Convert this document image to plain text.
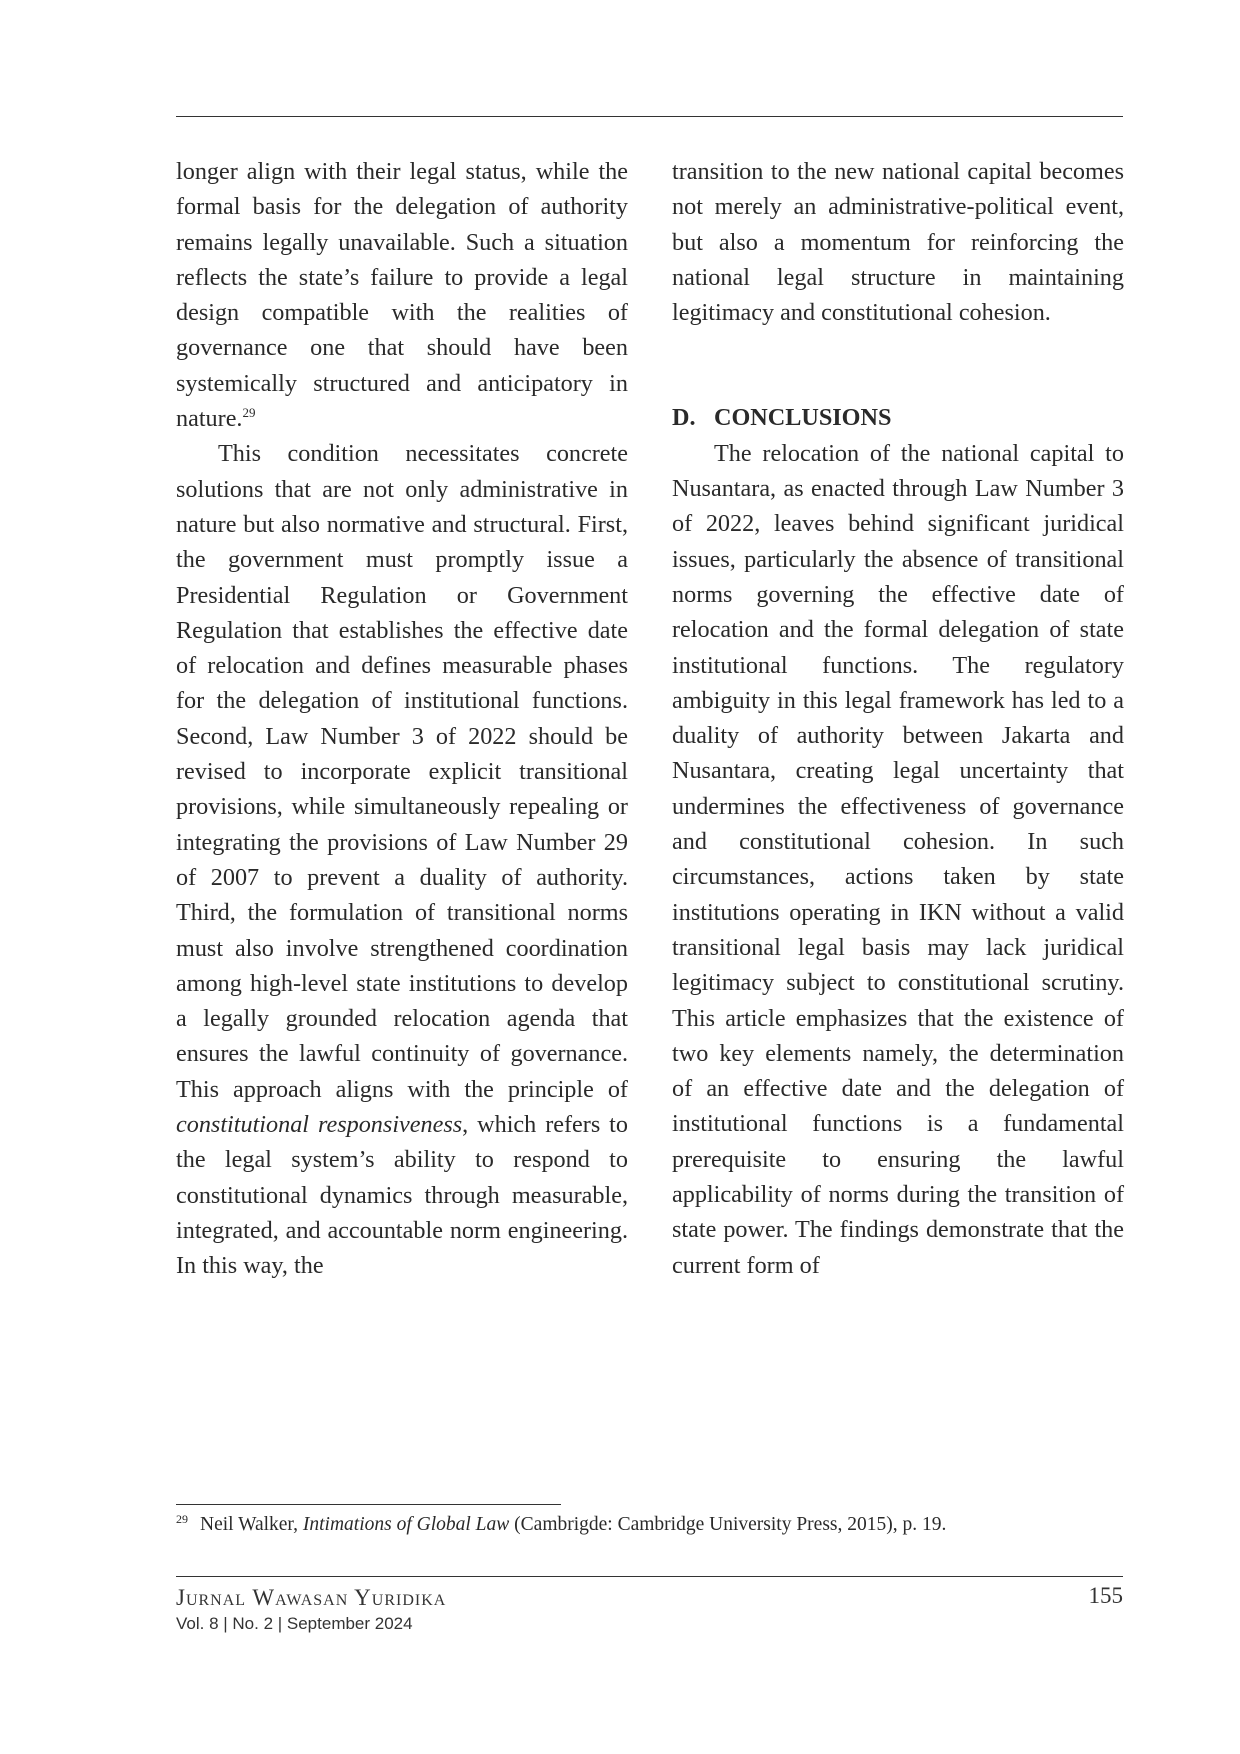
longer align with their legal status, while the formal basis for the delegation of authority remains legally unavailable. Such a situation reflects the state’s failure to provide a legal design compatible with the realities of governance one that should have been systemically structured and anticipatory in nature.$^{29}$

This condition necessitates concrete solutions that are not only administrative in nature but also normative and structural. First, the government must promptly issue a Presidential Regulation or Government Regulation that establishes the effective date of relocation and defines measurable phases for the delegation of institutional functions. Second, Law Number 3 of 2022 should be revised to incorporate explicit transitional provisions, while simultaneously repealing or integrating the provisions of Law Number 29 of 2007 to prevent a duality of authority. Third, the formulation of transitional norms must also involve strengthened coordination among high-level state institutions to develop a legally grounded relocation agenda that ensures the lawful continuity of governance. This approach aligns with the principle of constitutional responsiveness, which refers to the legal system’s ability to respond to constitutional dynamics through measurable, integrated, and accountable norm engineering. In this way, the

transition to the new national capital becomes not merely an administrative-political event, but also a momentum for reinforcing the national legal structure in maintaining legitimacy and constitutional cohesion.

D. CONCLUSIONS

The relocation of the national capital to Nusantara, as enacted through Law Number 3 of 2022, leaves behind significant juridical issues, particularly the absence of transitional norms governing the effective date of relocation and the formal delegation of state institutional functions. The regulatory ambiguity in this legal framework has led to a duality of authority between Jakarta and Nusantara, creating legal uncertainty that undermines the effectiveness of governance and constitutional cohesion. In such circumstances, actions taken by state institutions operating in IKN without a valid transitional legal basis may lack juridical legitimacy subject to constitutional scrutiny. This article emphasizes that the existence of two key elements namely, the determination of an effective date and the delegation of institutional functions is a fundamental prerequisite to ensuring the lawful applicability of norms during the transition of state power. The findings demonstrate that the current form of

$^{29}$ Neil Walker, Intimations of Global Law (Cambrigde: Cambridge University Press, 2015), p. 19.
Jurnal Wawasan Yuridika
Vol. 8 | No. 2 | September 2024
155
